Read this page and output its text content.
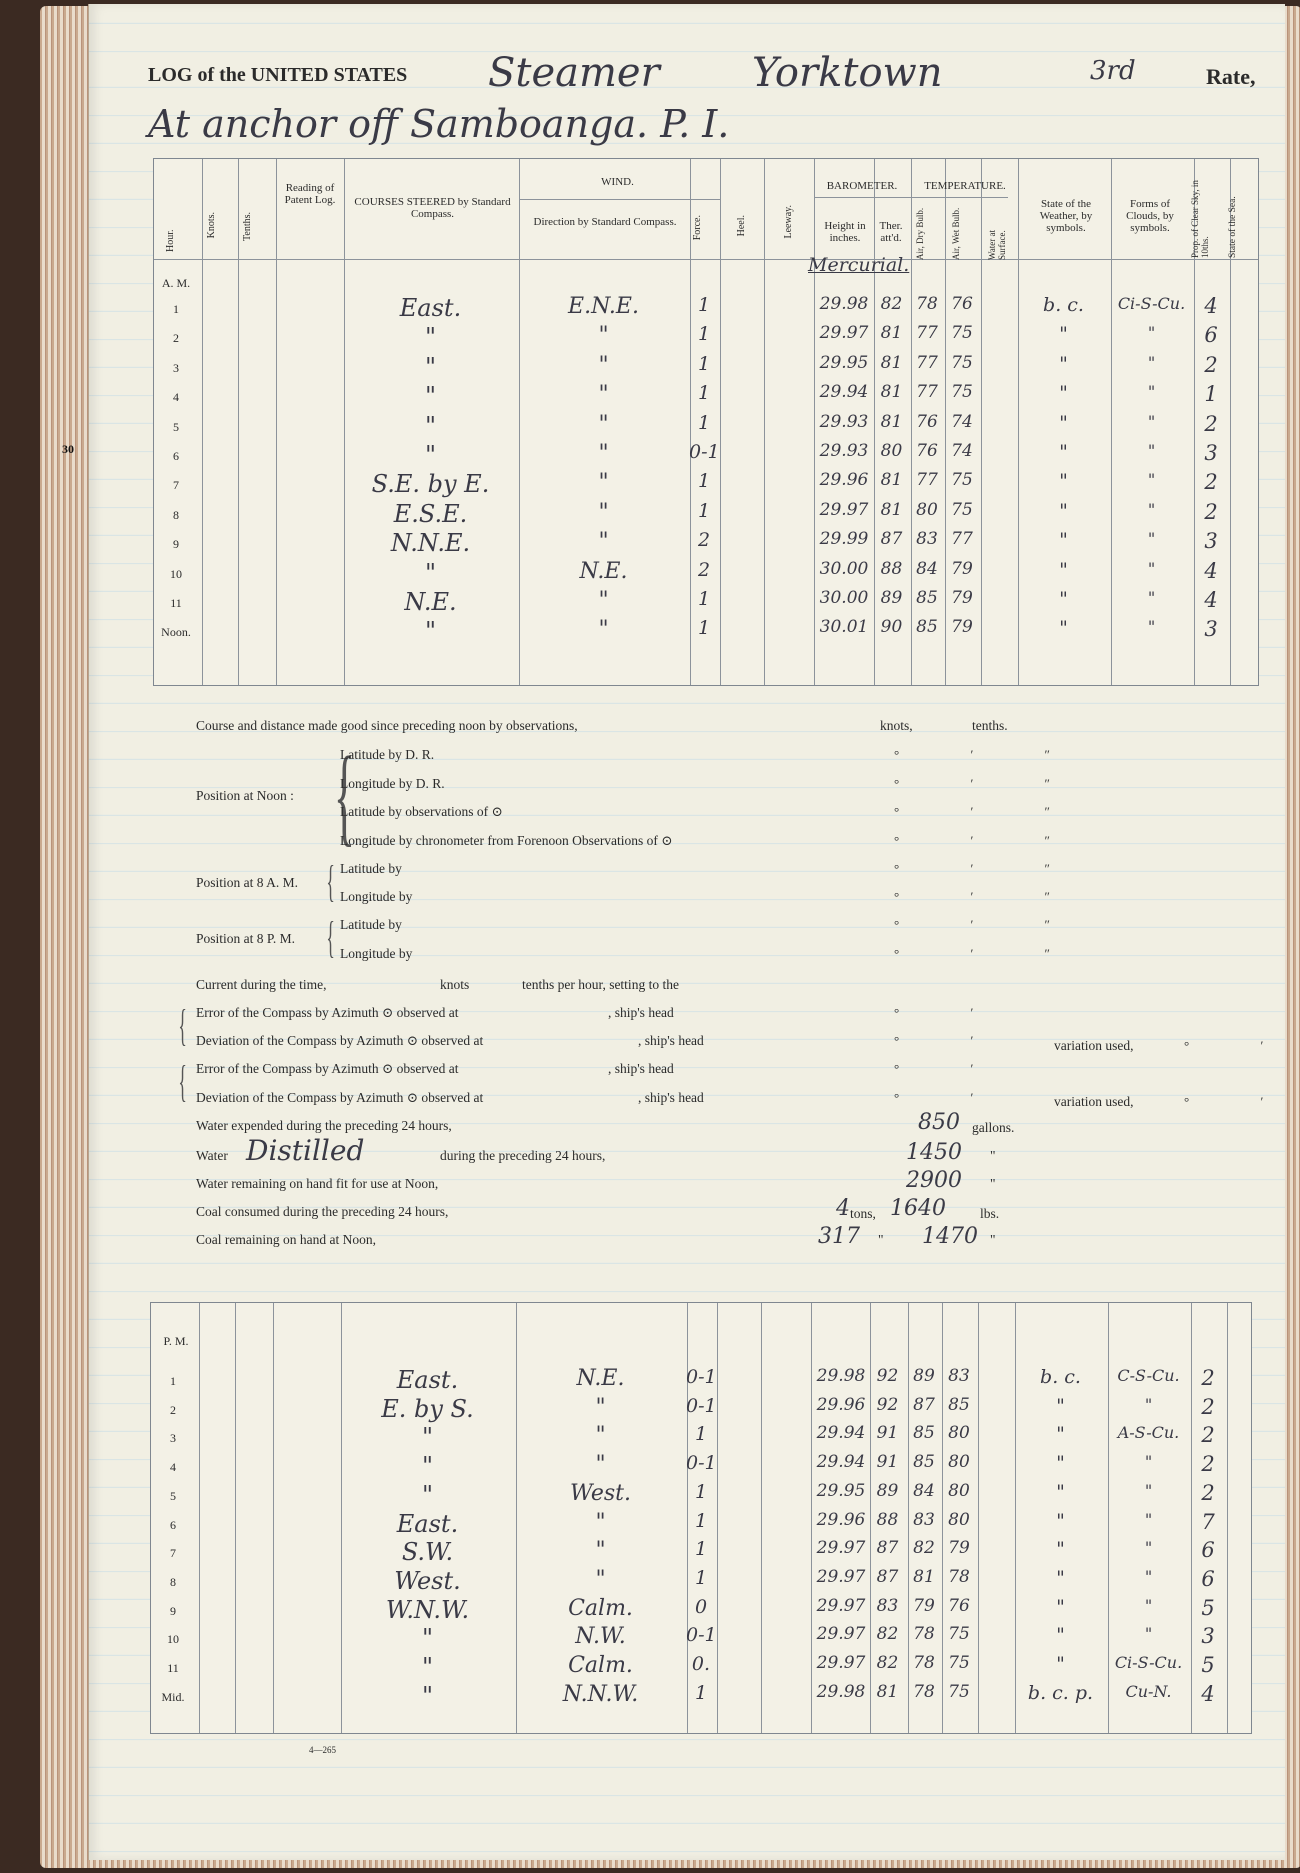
30
LOG of the UNITED STATES Steamer Yorktown	3rd	Rate,
At anchor off Samboanga. P. I.
Hour.
Knots.	Tenths.
Reading of Patent Log.	COURSES STEERED by Standard Compass.
WIND.
Direction by Standard Compass.	Force.	Heel.	Leeway.
BAROMETER.	TEMPERATURE.
Height in inches.
Ther. att'd.	Air, Dry Bulb.	Air, Wet Bulb.	Water at Surface.
State of the Weather, by symbols.
Forms of Clouds, by symbols.	Prop. of Clear Sky, in 10ths.	State of the Sea.
A. M.
Mercurial.
P. M.
1	East.	E.N.E.	1	29.98 82 78 76	b. c.	Ci-S-Cu. 4
2	"	"	1	29.97 81 77 75	"	"	6
3	"	"	1	29.95 81 77 75	"	"	2
4	"	"	1	29.94 81 77 75	"	"	1
5	"	"	1	29.93 81 76 74	"	"	2
6	"	"	0-1	29.93 80 76 74	"	"	3
7	S.E. by E.	"	1	29.96 81 77 75	"	"	2
8	E.S.E.	"	1	29.97 81 80 75	"	"	2
9	N.N.E.	"	2	29.99 87 83 77	"	"	3
10	"	N.E.	2	30.00 88 84 79	"	"	4
11	N.E.	"	1	30.00 89 85 79	"	"	4
Noon.	"	"	1	30.01 90 85 79	"	"	3
1	East.	N.E.	0-1	29.98 92 89 83	b. c.	C-S-Cu.	2
2	E. by S.	"	0-1	29.96 92 87 85	"	"	2
3	"	"	1	29.94 91 85 80	"	A-S-Cu.	2
4	"	"	0-1	29.94 91 85 80	"	"	2
5	"	West.	1	29.95 89 84 80	"	"	2
6	East.	"	1	29.96 88 83 80	"	"	7
7	S.W.	"	1	29.97 87 82 79	"	"	6
8	West.	"	1	29.97 87 81 78	"	"	6
9	W.N.W.	Calm.	0	29.97 83 79 76	"	"	5
10	"	N.W.	0-1	29.97 82 78 75	"	"	3
11	"	Calm.	0.	29.97 82 78 75	"	Ci-S-Cu. 5
Mid.	"	N.N.W.	1	29.98 81 78 75	b. c. p.	Cu-N.	4
Course and distance made good since preceding noon by observations,	knots,	tenths.
Position at Noon : {
Latitude by D. R.
Longitude by D. R.
Latitude by observations of ⊙
Longitude by chronometer from Forenoon Observations of ⊙
Position at 8 A. M. { Latitude by
Longitude by
Position at 8 P. M. { Latitude by
Longitude by
° ′ ″
° ′ ″
° ′ ″
° ′ ″
° ′ ″
° ′ ″
° ′ ″
° ′ ″
Current during the time,	knots	tenths per hour, setting to the
{ Error of the Compass by Azimuth ⊙ observed at	, ship's head	° ′
Deviation of the Compass by Azimuth ⊙ observed at	, ship's head	° ′	variation used,	° ′
{ Error of the Compass by Azimuth ⊙ observed at	, ship's head	° ′
Deviation of the Compass by Azimuth ⊙ observed at	, ship's head	° ′	variation used,	° ′
Water expended during the preceding 24 hours,	850 gallons.
Water Distilled	during the preceding 24 hours,	1450 "
Water remaining on hand fit for use at Noon,	2900 "
Coal consumed during the preceding 24 hours,	4 tons, 1640	lbs.
Coal remaining on hand at Noon,	317 " 1470 "
4—265
